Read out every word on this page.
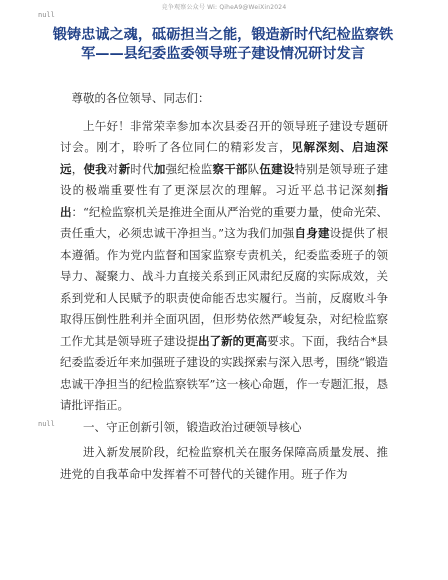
竞争观察公众号 Wi: QiheA9@WeiXin2024
null
锻铸忠诚之魂，砥砺担当之能，锻造新时代纪检监察铁军——县纪委监委领导班子建设情况研讨发言

尊敬的各位领导、同志们：

上午好！非常荣幸参加本次县委召开的领导班子建设专题研讨会。刚才，聆听了各位同仁的精彩发言，见解深刻、启迪深远，使我对新时代加强纪检监察干部队伍建设特别是领导班子建设的极端重要性有了更深层次的理解。习近平总书记深刻指出：“纪检监察机关是推进全面从严治党的重要力量，使命光荣、责任重大，必须忠诚干净担当。”这为我们加强自身建设提供了根本遵循。作为党内监督和国家监察专责机关，纪委监委班子的领导力、凝聚力、战斗力直接关系到正风肃纪反腐的实际成效，关系到党和人民赋予的职责使命能否忠实履行。当前，反腐败斗争取得压倒性胜利并全面巩固，但形势依然严峻复杂，对纪检监察工作尤其是领导班子建设提出了新的更高要求。下面，我结合*县纪委监委近年来加强班子建设的实践探索与深入思考，围绕“锻造忠诚干净担当的纪检监察铁军”这一核心命题，作一专题汇报，恳请批评指正。

一、守正创新引领，锻造政治过硬领导核心

进入新发展阶段，纪检监察机关在服务保障高质量发展、推进党的自我革命中发挥着不可替代的关键作用。班子作为

null
